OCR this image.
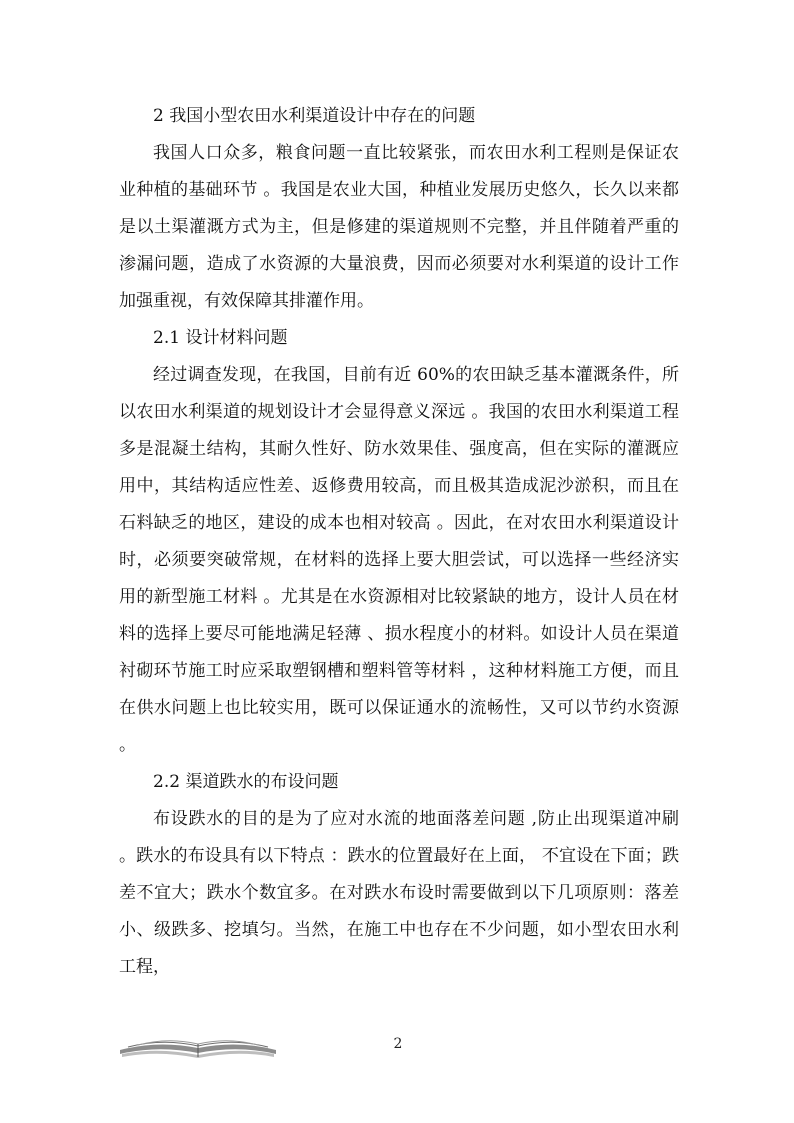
2 我国小型农田水利渠道设计中存在的问题

我国人口众多，粮食问题一直比较紧张，而农田水利工程则是保证农业种植的基础环节 。我国是农业大国，种植业发展历史悠久，长久以来都是以土渠灌溉方式为主，但是修建的渠道规则不完整，并且伴随着严重的渗漏问题，造成了水资源的大量浪费，因而必须要对水利渠道的设计工作加强重视，有效保障其排灌作用。

2.1 设计材料问题

经过调查发现，在我国，目前有近 60%的农田缺乏基本灌溉条件，所以农田水利渠道的规划设计才会显得意义深远 。我国的农田水利渠道工程多是混凝土结构，其耐久性好、防水效果佳、强度高，但在实际的灌溉应用中，其结构适应性差、返修费用较高，而且极其造成泥沙淤积，而且在石料缺乏的地区，建设的成本也相对较高 。因此，在对农田水利渠道设计时，必须要突破常规，在材料的选择上要大胆尝试，可以选择一些经济实用的新型施工材料 。尤其是在水资源相对比较紧缺的地方，设计人员在材料的选择上要尽可能地满足轻薄 、损水程度小的材料。如设计人员在渠道衬砌环节施工时应采取塑钢槽和塑料管等材料 ，这种材料施工方便，而且在供水问题上也比较实用，既可以保证通水的流畅性，又可以节约水资源 。

2.2 渠道跌水的布设问题

布设跌水的目的是为了应对水流的地面落差问题 ,防止出现渠道冲刷 。跌水的布设具有以下特点 ：跌水的位置最好在上面， 不宜设在下面；跌差不宜大；跌水个数宜多。在对跌水布设时需要做到以下几项原则：落差小、级跌多、挖填匀。当然，在施工中也存在不少问题，如小型农田水利工程，

2
